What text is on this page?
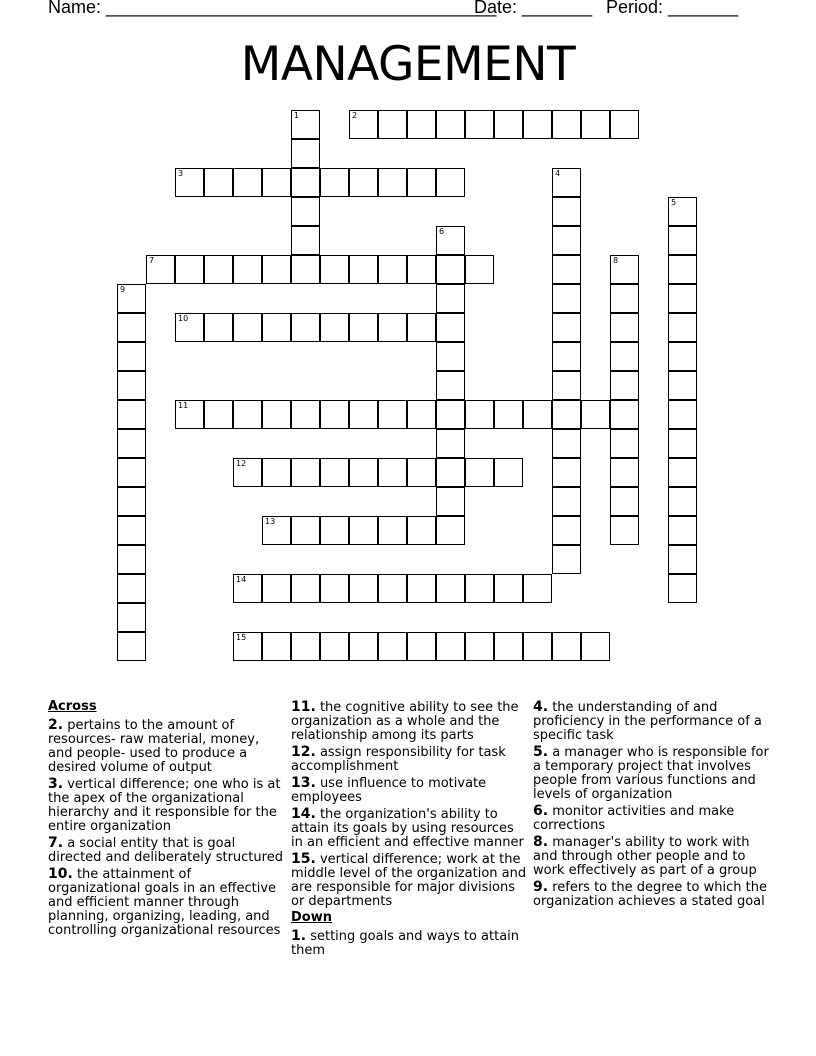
Name: _______________________________________
Date: _______ Period: _______
MANAGEMENT
1	2
3	4
5
6
7	8
9
10
11
12
13
14
15
Across
2. pertains to the amount of resources- raw material, money, and people- used to produce a desired volume of output
3. vertical difference; one who is at the apex of the organizational hierarchy and it responsible for the entire organization
7. a social entity that is goal directed and deliberately structured
10. the attainment of organizational goals in an effective and efficient manner through planning, organizing, leading, and controlling organizational resources
11. the cognitive ability to see the organization as a whole and the relationship among its parts
12. assign responsibility for task accomplishment
13. use influence to motivate employees
14. the organization's ability to attain its goals by using resources in an efficient and effective manner
15. vertical difference; work at the middle level of the organization and are responsible for major divisions or departments
Down
1. setting goals and ways to attain them
4. the understanding of and proficiency in the performance of a specific task
5. a manager who is responsible for a temporary project that involves people from various functions and levels of organization
6. monitor activities and make corrections
8. manager's ability to work with and through other people and to work effectively as part of a group
9. refers to the degree to which the organization achieves a stated goal
